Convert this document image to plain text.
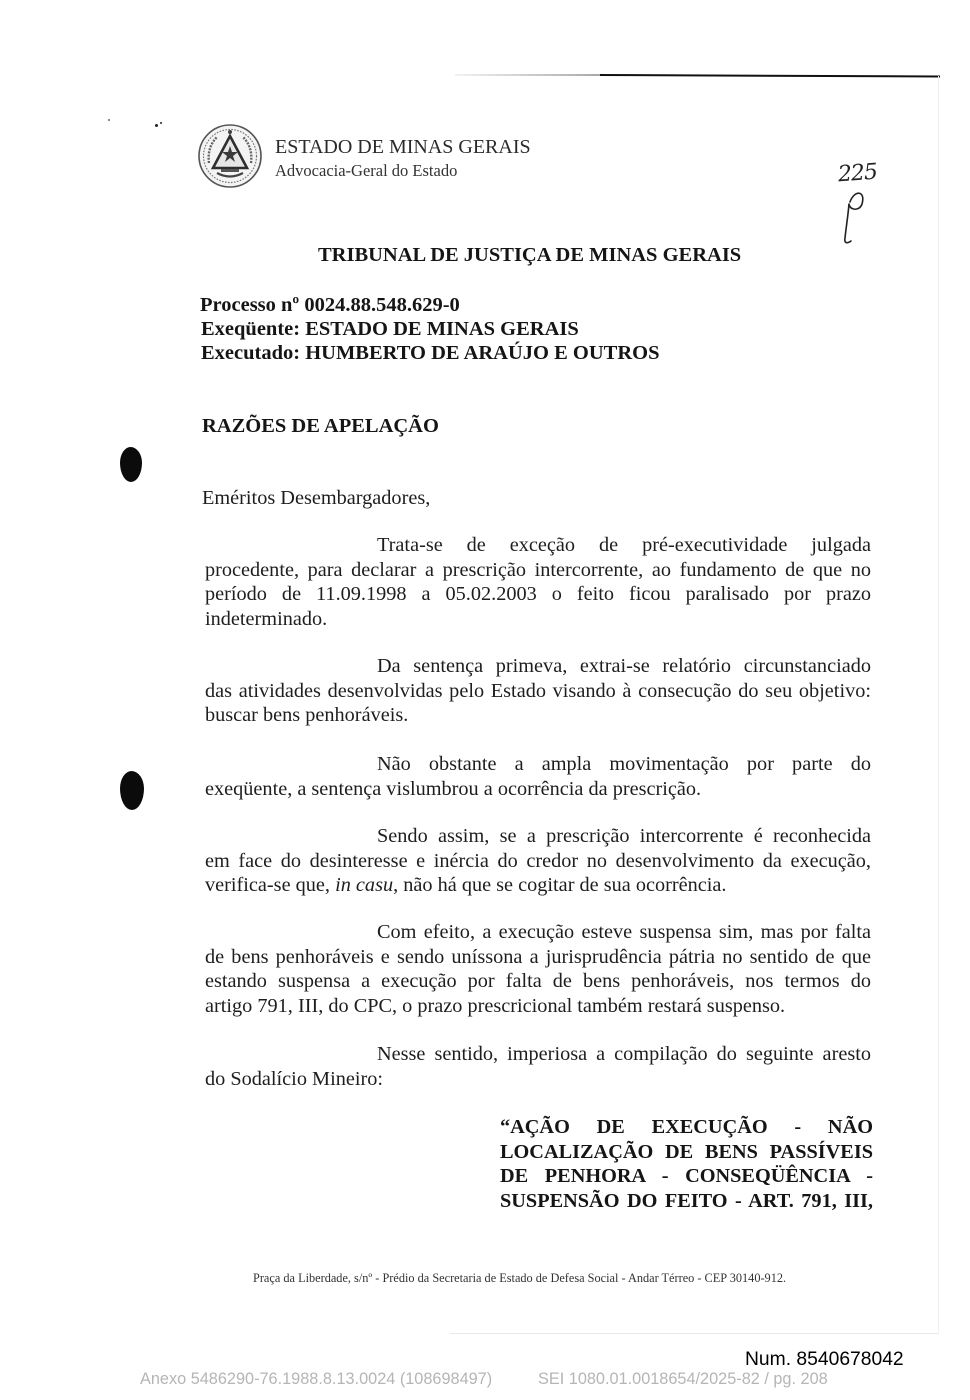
ESTADO DE MINAS GERAIS
Advocacia-Geral do Estado	225
TRIBUNAL DE JUSTIÇA DE MINAS GERAIS
Processo nº 0024.88.548.629-0
Exeqüente: ESTADO DE MINAS GERAIS
Executado: HUMBERTO DE ARAÚJO E OUTROS
RAZÕES DE APELAÇÃO
Eméritos Desembargadores,
Trata-se de exceção de pré-executividade julgada
procedente, para declarar a prescrição intercorrente, ao fundamento de que no
período de 11.09.1998 a 05.02.2003 o feito ficou paralisado por prazo
indeterminado.
Da sentença primeva, extrai-se relatório circunstanciado
das atividades desenvolvidas pelo Estado visando à consecução do seu objetivo:
buscar bens penhoráveis.
Não obstante a ampla movimentação por parte do
exeqüente, a sentença vislumbrou a ocorrência da prescrição.
Sendo assim, se a prescrição intercorrente é reconhecida
em face do desinteresse e inércia do credor no desenvolvimento da execução,
verifica-se que, in casu, não há que se cogitar de sua ocorrência.
Com efeito, a execução esteve suspensa sim, mas por falta
de bens penhoráveis e sendo uníssona a jurisprudência pátria no sentido de que
estando suspensa a execução por falta de bens penhoráveis, nos termos do
artigo 791, III, do CPC, o prazo prescricional também restará suspenso.
Nesse sentido, imperiosa a compilação do seguinte aresto
do Sodalício Mineiro:
“AÇÃO DE EXECUÇÃO - NÃO
LOCALIZAÇÃO DE BENS PASSÍVEIS
DE PENHORA - CONSEQÜÊNCIA -
SUSPENSÃO DO FEITO - ART. 791, III,
Praça da Liberdade, s/nº - Prédio da Secretaria de Estado de Defesa Social - Andar Térreo - CEP 30140-912.
Num. 8540678042
Anexo 5486290-76.1988.8.13.0024 (108698497)	SEI 1080.01.0018654/2025-82 / pg. 208
